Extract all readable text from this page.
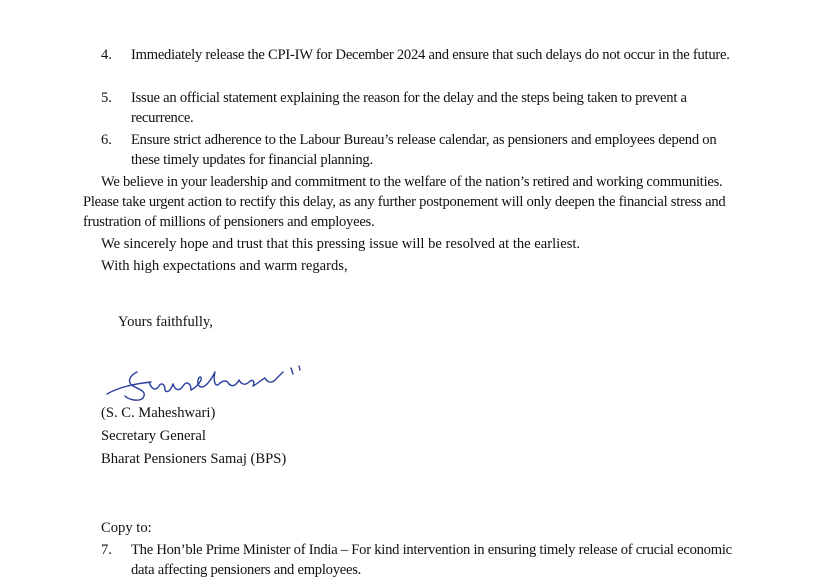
4.	Immediately release the CPI-IW for December 2024 and ensure that such delays do not occur in the future.
5.	Issue an official statement explaining the reason for the delay and the steps being taken to prevent a recurrence.
6.	Ensure strict adherence to the Labour Bureau’s release calendar, as pensioners and employees depend on these timely updates for financial planning.
We believe in your leadership and commitment to the welfare of the nation’s retired and working communities. Please take urgent action to rectify this delay, as any further postponement will only deepen the financial stress and frustration of millions of pensioners and employees.
We sincerely hope and trust that this pressing issue will be resolved at the earliest.
With high expectations and warm regards,
Yours faithfully,
(S. C. Maheshwari)
Secretary General
Bharat Pensioners Samaj (BPS)
Copy to:
7.	The Hon’ble Prime Minister of India – For kind intervention in ensuring timely release of crucial economic data affecting pensioners and employees.
